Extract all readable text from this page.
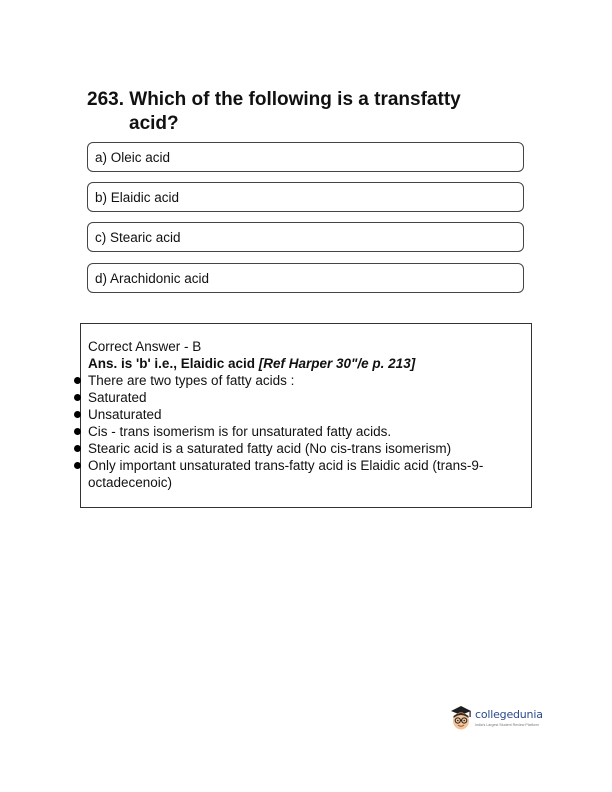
263. Which of the following is a transfatty
acid?
a) Oleic acid
b) Elaidic acid
c) Stearic acid
d) Arachidonic acid
Correct Answer - B
Ans. is 'b' i.e., Elaidic acid [Ref Harper 30"/e p. 213]
There are two types of fatty acids :
Saturated
Unsaturated
Cis - trans isomerism is for unsaturated fatty acids.
Stearic acid is a saturated fatty acid (No cis-trans isomerism)
Only important unsaturated trans-fatty acid is Elaidic acid (trans-9-octadecenoic)
collegedunia
India's Largest Student Review Platform
